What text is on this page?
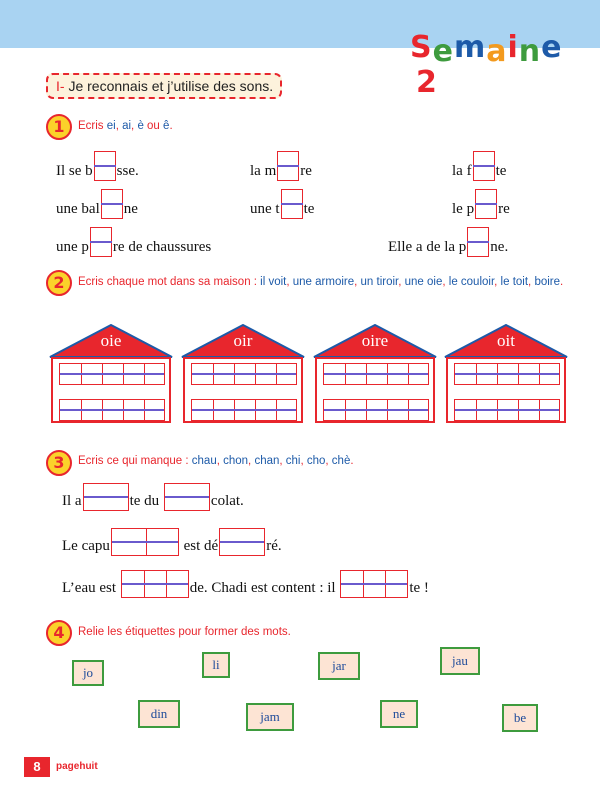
Semaine 2
I- Je reconnais et j’utilise des sons.
1	Ecris ei, ai, è ou ê.
Il se b sse.	la m re	la f te
une bal ne	une t te	le p re
une p re de chaussures	Elle a de la p ne.
2	Ecris chaque mot dans sa maison : il voit, une armoire, un tiroir, une oie, le couloir, le toit, boire.
oie	oir	oire	oit
3	Ecris ce qui manque : chau, chon, chan, chi, cho, chè.
Il a	te du	colat.
Le capu	est dé	ré.
L’eau est	de. Chadi est content : il	te !
4	Relie les étiquettes pour former des mots.
jo
li	jar	jau
din	jam	ne	be
8	pagehuit
